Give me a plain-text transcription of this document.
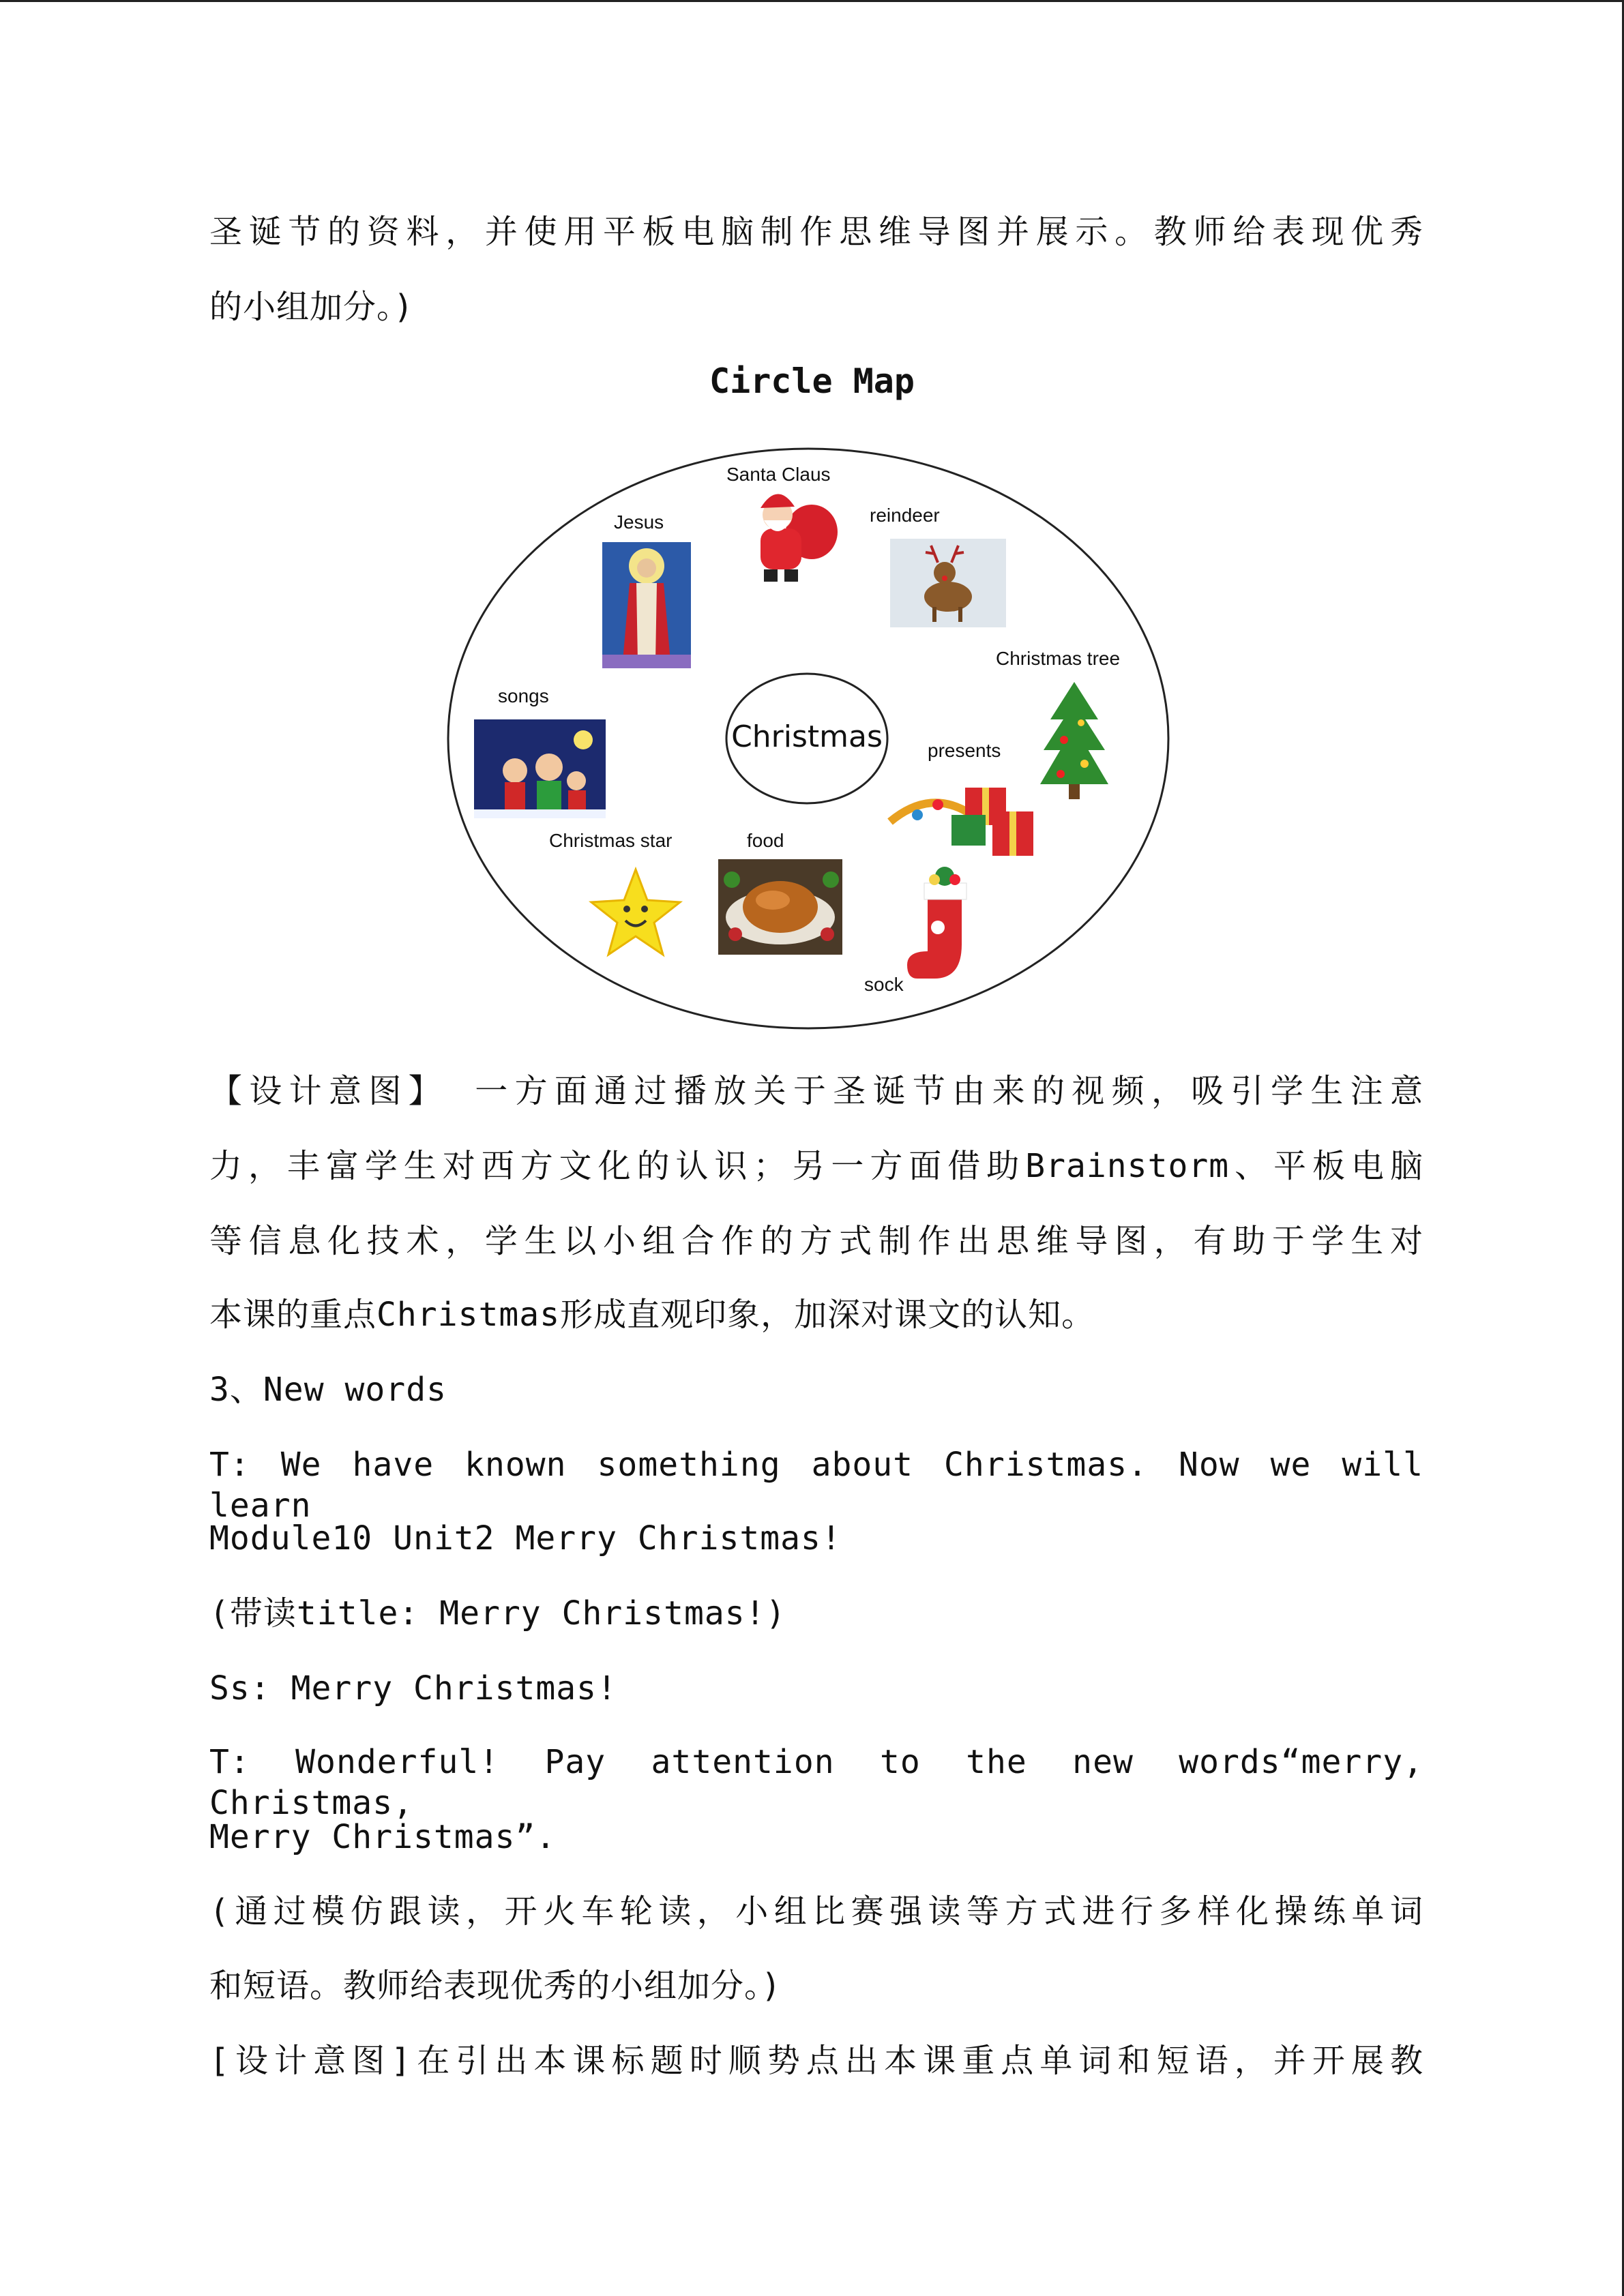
圣诞节的资料，并使用平板电脑制作思维导图并展示。教师给表现优秀
的小组加分。)
Circle Map
Christmas
Santa Claus
Jesus	reindeer
Christmas tree
songs
presents
Christmas star	food
sock
【设计意图】 一方面通过播放关于圣诞节由来的视频，吸引学生注意
力，丰富学生对西方文化的认识；另一方面借助Brainstorm、平板电脑
等信息化技术，学生以小组合作的方式制作出思维导图，有助于学生对
本课的重点Christmas形成直观印象，加深对课文的认知。
3、New words
T: We have known something about Christmas. Now we will learn
Module10 Unit2 Merry Christmas!
(带读title: Merry Christmas!)
Ss: Merry Christmas!
T: Wonderful! Pay attention to the new words“merry, Christmas,
Merry Christmas”.
(通过模仿跟读，开火车轮读，小组比赛强读等方式进行多样化操练单词
和短语。教师给表现优秀的小组加分。)
[设计意图]在引出本课标题时顺势点出本课重点单词和短语，并开展教
